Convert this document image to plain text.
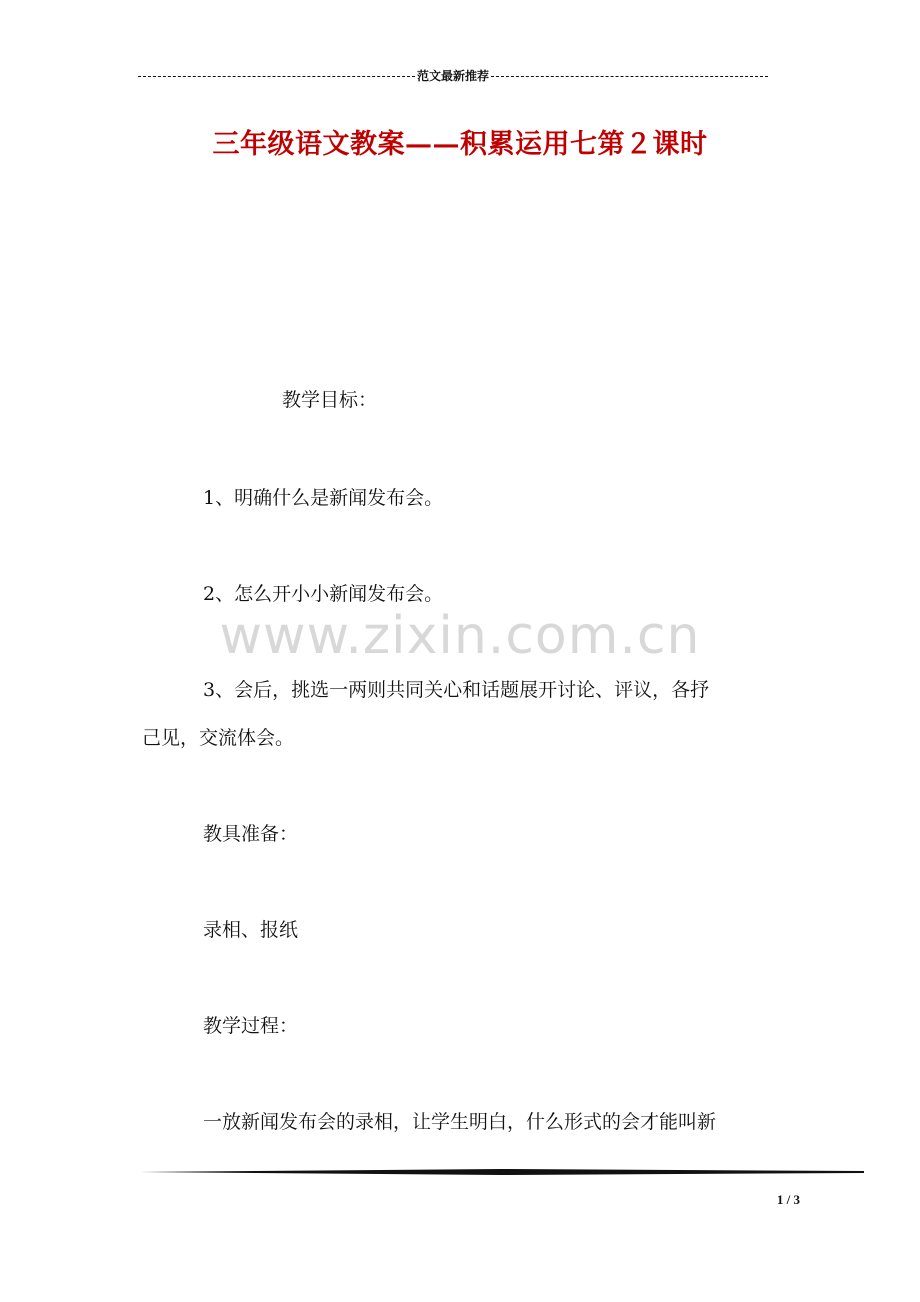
范文最新推荐
三年级语文教案——积累运用七第２课时
教学目标：
1、明确什么是新闻发布会。
2、怎么开小小新闻发布会。
www.zixin.com.cn
3、会后，挑选一两则共同关心和话题展开讨论、评议，各抒
己见，交流体会。
教具准备：
录相、报纸
教学过程：
一放新闻发布会的录相，让学生明白，什么形式的会才能叫新
1 / 3
